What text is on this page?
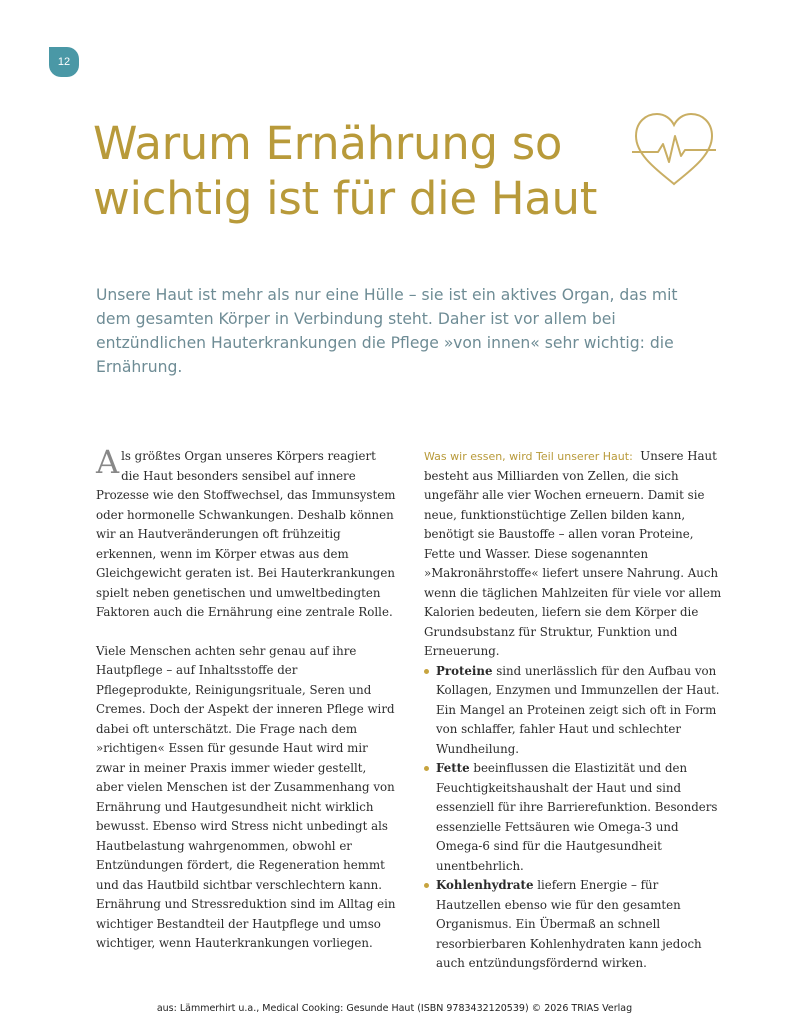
12
Warum Ernährung so wichtig ist für die Haut

Unsere Haut ist mehr als nur eine Hülle – sie ist ein aktives Organ, das mit dem gesamten Körper in Verbindung steht. Daher ist vor allem bei entzündlichen Hauterkrankungen die Pflege »von innen« sehr wichtig: die Ernährung.

Als größtes Organ unseres Körpers reagiert die Haut besonders sensibel auf innere Prozesse wie den Stoffwechsel, das Immunsystem oder hormonelle Schwankungen. Deshalb können wir an Hautveränderungen oft frühzeitig erkennen, wenn im Körper etwas aus dem Gleichgewicht geraten ist. Bei Hauterkrankungen spielt neben genetischen und umweltbedingten Faktoren auch die Ernährung eine zentrale Rolle.

Viele Menschen achten sehr genau auf ihre Hautpflege – auf Inhaltsstoffe der Pflegeprodukte, Reinigungsrituale, Seren und Cremes. Doch der Aspekt der inneren Pflege wird dabei oft unterschätzt. Die Frage nach dem »richtigen« Essen für gesunde Haut wird mir zwar in meiner Praxis immer wieder gestellt, aber vielen Menschen ist der Zusammenhang von Ernährung und Hautgesundheit nicht wirklich bewusst. Ebenso wird Stress nicht unbedingt als Hautbelastung wahrgenommen, obwohl er Entzündungen fördert, die Regeneration hemmt und das Hautbild sichtbar verschlechtern kann. Ernährung und Stressreduktion sind im Alltag ein wichtiger Bestandteil der Hautpflege und umso wichtiger, wenn Hauterkrankungen vorliegen.

Was wir essen, wird Teil unserer Haut: Unsere Haut besteht aus Milliarden von Zellen, die sich ungefähr alle vier Wochen erneuern. Damit sie neue, funktionstüchtige Zellen bilden kann, benötigt sie Baustoffe – allen voran Proteine, Fette und Wasser. Diese sogenannten »Makronährstoffe« liefert unsere Nahrung. Auch wenn die täglichen Mahlzeiten für viele vor allem Kalorien bedeuten, liefern sie dem Körper die Grundsubstanz für Struktur, Funktion und Erneuerung.

Proteine sind unerlässlich für den Aufbau von Kollagen, Enzymen und Immunzellen der Haut. Ein Mangel an Proteinen zeigt sich oft in Form von schlaffer, fahler Haut und schlechter Wundheilung.
Fette beeinflussen die Elastizität und den Feuchtigkeitshaushalt der Haut und sind essenziell für ihre Barrierefunktion. Besonders essenzielle Fettsäuren wie Omega-3 und Omega-6 sind für die Hautgesundheit unentbehrlich.
Kohlenhydrate liefern Energie – für Hautzellen ebenso wie für den gesamten Organismus. Ein Übermaß an schnell resorbierbaren Kohlenhydraten kann jedoch auch entzündungsfördernd wirken.
aus: Lämmerhirt u.a., Medical Cooking: Gesunde Haut (ISBN 9783432120539) © 2026 TRIAS Verlag
